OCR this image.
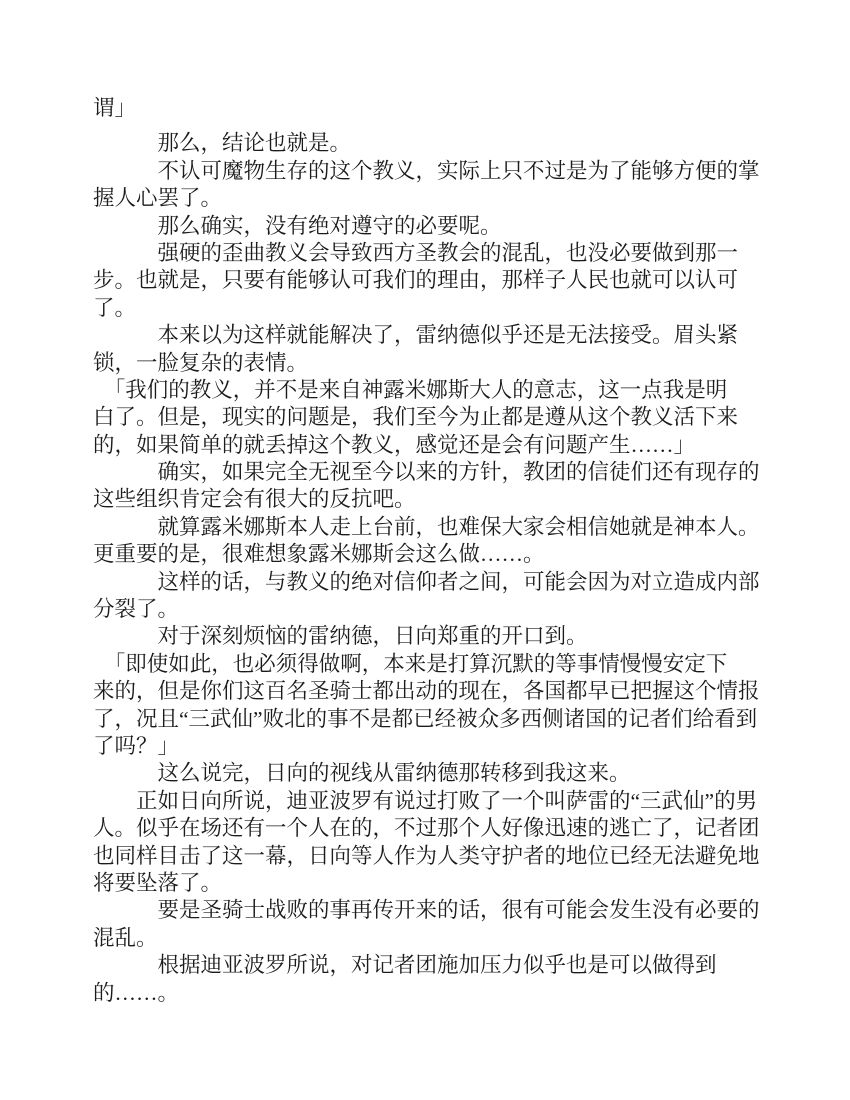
谓」

　　　那么，结论也就是。

　　　不认可魔物生存的这个教义，实际上只不过是为了能够方便的掌
握人心罢了。

　　　那么确实，没有绝对遵守的必要呢。

　　　强硬的歪曲教义会导致西方圣教会的混乱，也没必要做到那一
步。也就是，只要有能够认可我们的理由，那样子人民也就可以认可
了。

　　　本来以为这样就能解决了，雷纳德似乎还是无法接受。眉头紧
锁，一脸复杂的表情。

　「我们的教义，并不是来自神露米娜斯大人的意志，这一点我是明
白了。但是，现实的问题是，我们至今为止都是遵从这个教义活下来
的，如果简单的就丢掉这个教义，感觉还是会有问题产生……」

　　　确实，如果完全无视至今以来的方针，教团的信徒们还有现存的
这些组织肯定会有很大的反抗吧。

　　　就算露米娜斯本人走上台前，也难保大家会相信她就是神本人。
更重要的是，很难想象露米娜斯会这么做……。

　　　这样的话，与教义的绝对信仰者之间，可能会因为对立造成内部
分裂了。

　　　对于深刻烦恼的雷纳德，日向郑重的开口到。

　「即使如此，也必须得做啊，本来是打算沉默的等事情慢慢安定下
来的，但是你们这百名圣骑士都出动的现在，各国都早已把握这个情报
了，况且“三武仙”败北的事不是都已经被众多西侧诸国的记者们给看到
了吗？」

　　　这么说完，日向的视线从雷纳德那转移到我这来。

　　正如日向所说，迪亚波罗有说过打败了一个叫萨雷的“三武仙”的男
人。似乎在场还有一个人在的，不过那个人好像迅速的逃亡了，记者团
也同样目击了这一幕，日向等人作为人类守护者的地位已经无法避免地
将要坠落了。

　　　要是圣骑士战败的事再传开来的话，很有可能会发生没有必要的
混乱。

　　　根据迪亚波罗所说，对记者团施加压力似乎也是可以做得到
的……。
